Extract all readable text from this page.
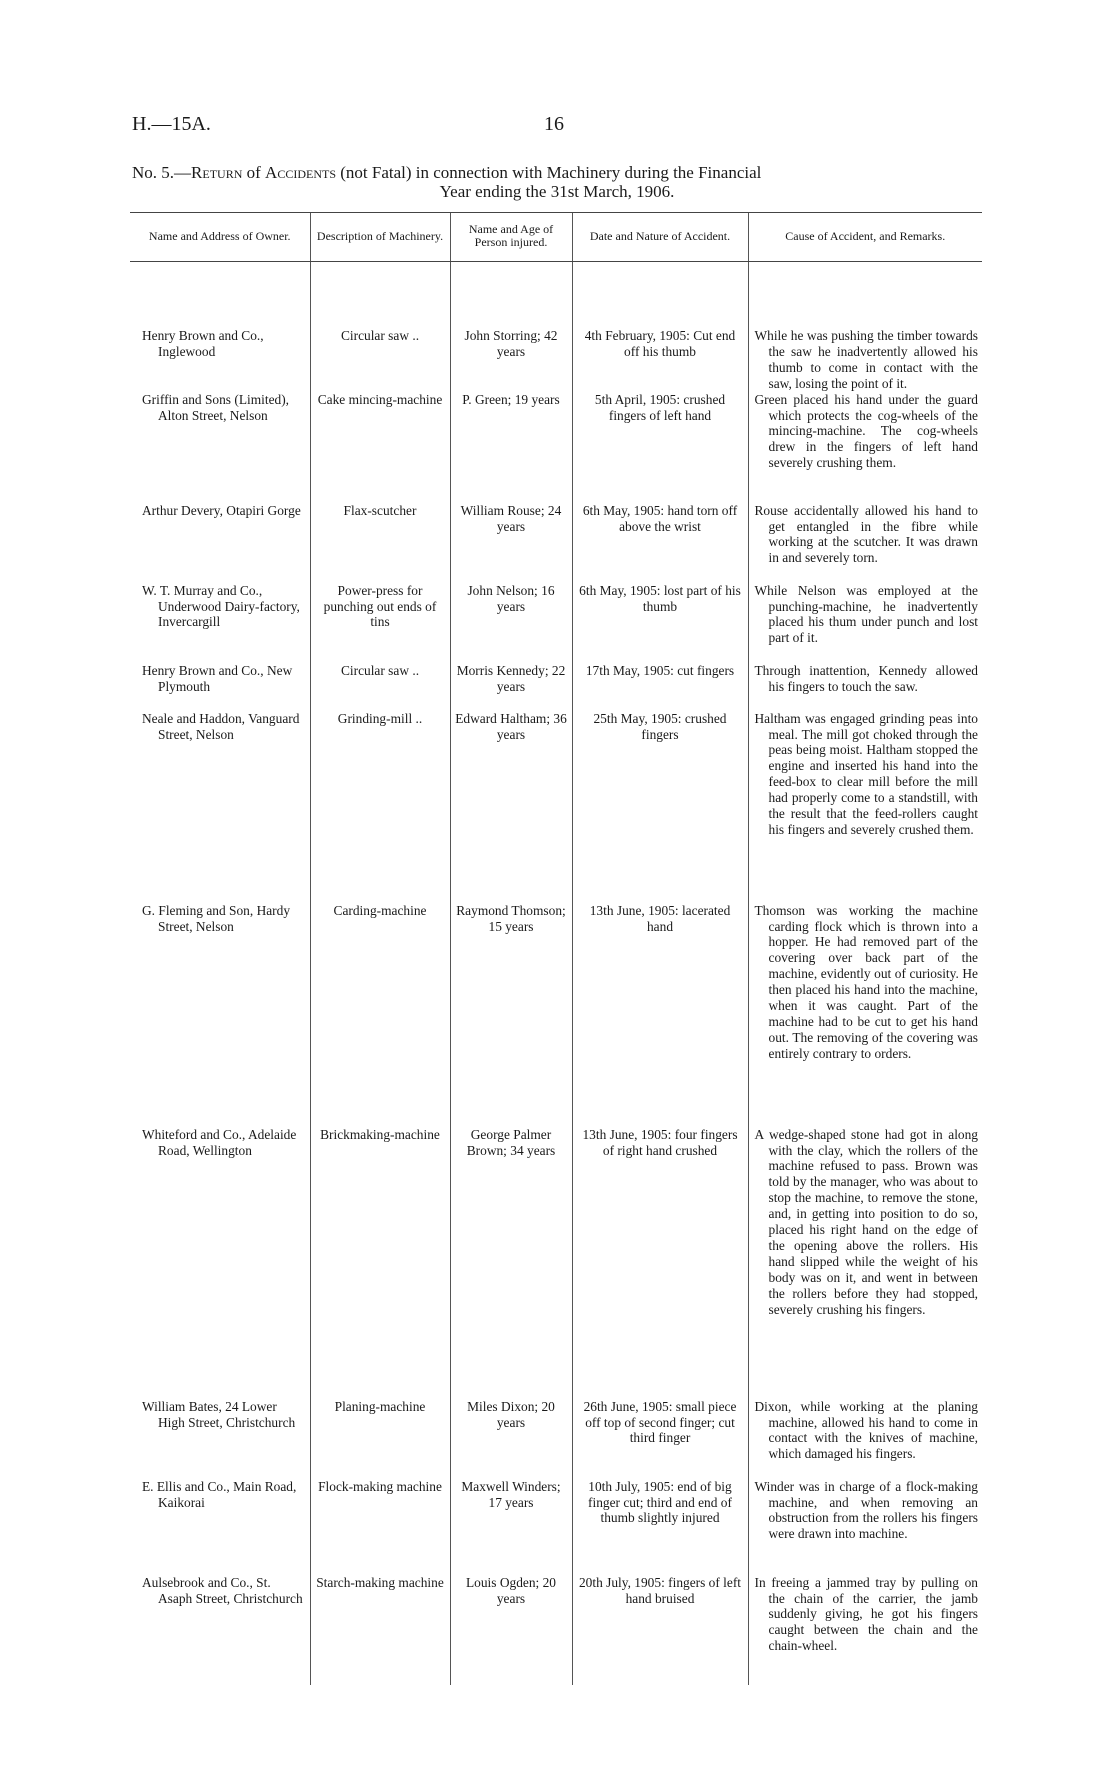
H.—15A.	16
No. 5.—Return of Accidents (not Fatal) in connection with Machinery during the Financial
Year ending the 31st March, 1906.
Name and Address of Owner.	Description of Machinery.	Name and Age of Person injured.	Date and Nature of Accident.	Cause of Accident, and Remarks.
Henry Brown and Co., Inglewood	Circular saw ..	John Storring; 42 years	4th February, 1905: Cut end off his thumb	While he was pushing the timber towards the saw he inadvertently allowed his thumb to come in contact with the saw, losing the point of it.
Griffin and Sons (Limited), Alton Street, Nelson	Cake mincing-machine	P. Green; 19 years	5th April, 1905: crushed fingers of left hand	Green placed his hand under the guard which protects the cog-wheels of the mincing-machine. The cog-wheels drew in the fingers of left hand severely crushing them.
Arthur Devery, Otapiri Gorge	Flax-scutcher	William Rouse; 24 years	6th May, 1905: hand torn off above the wrist	Rouse accidentally allowed his hand to get entangled in the fibre while working at the scutcher. It was drawn in and severely torn.
W. T. Murray and Co., Underwood Dairy-factory, Invercargill	Power-press for punching out ends of tins	John Nelson; 16 years	6th May, 1905: lost part of his thumb	While Nelson was employed at the punching-machine, he inadvertently placed his thum under punch and lost part of it.
Henry Brown and Co., New Plymouth	Circular saw ..	Morris Kennedy; 22 years	17th May, 1905: cut fingers	Through inattention, Kennedy allowed his fingers to touch the saw.
Neale and Haddon, Vanguard Street, Nelson	Grinding-mill ..	Edward Haltham; 36 years	25th May, 1905: crushed fingers	Haltham was engaged grinding peas into meal. The mill got choked through the peas being moist. Haltham stopped the engine and inserted his hand into the feed-box to clear mill before the mill had properly come to a standstill, with the result that the feed-rollers caught his fingers and severely crushed them.
G. Fleming and Son, Hardy Street, Nelson	Carding-machine	Raymond Thomson; 15 years	13th June, 1905: lacerated hand	Thomson was working the machine carding flock which is thrown into a hopper. He had removed part of the covering over back part of the machine, evidently out of curiosity. He then placed his hand into the machine, when it was caught. Part of the machine had to be cut to get his hand out. The removing of the covering was entirely contrary to orders.
Whiteford and Co., Adelaide Road, Wellington	Brickmaking-machine	George Palmer Brown; 34 years	13th June, 1905: four fingers of right hand crushed	A wedge-shaped stone had got in along with the clay, which the rollers of the machine refused to pass. Brown was told by the manager, who was about to stop the machine, to remove the stone, and, in getting into position to do so, placed his right hand on the edge of the opening above the rollers. His hand slipped while the weight of his body was on it, and went in between the rollers before they had stopped, severely crushing his fingers.
William Bates, 24 Lower High Street, Christchurch	Planing-machine	Miles Dixon; 20 years	26th June, 1905: small piece off top of second finger; cut third finger	Dixon, while working at the planing machine, allowed his hand to come in contact with the knives of machine, which damaged his fingers.
E. Ellis and Co., Main Road, Kaikorai	Flock-making machine	Maxwell Winders; 17 years	10th July, 1905: end of big finger cut; third and end of thumb slightly injured	Winder was in charge of a flock-making machine, and when removing an obstruction from the rollers his fingers were drawn into machine.
Aulsebrook and Co., St. Asaph Street, Christchurch	Starch-making machine	Louis Ogden; 20 years	20th July, 1905: fingers of left hand bruised	In freeing a jammed tray by pulling on the chain of the carrier, the jamb suddenly giving, he got his fingers caught between the chain and the chain-wheel.
